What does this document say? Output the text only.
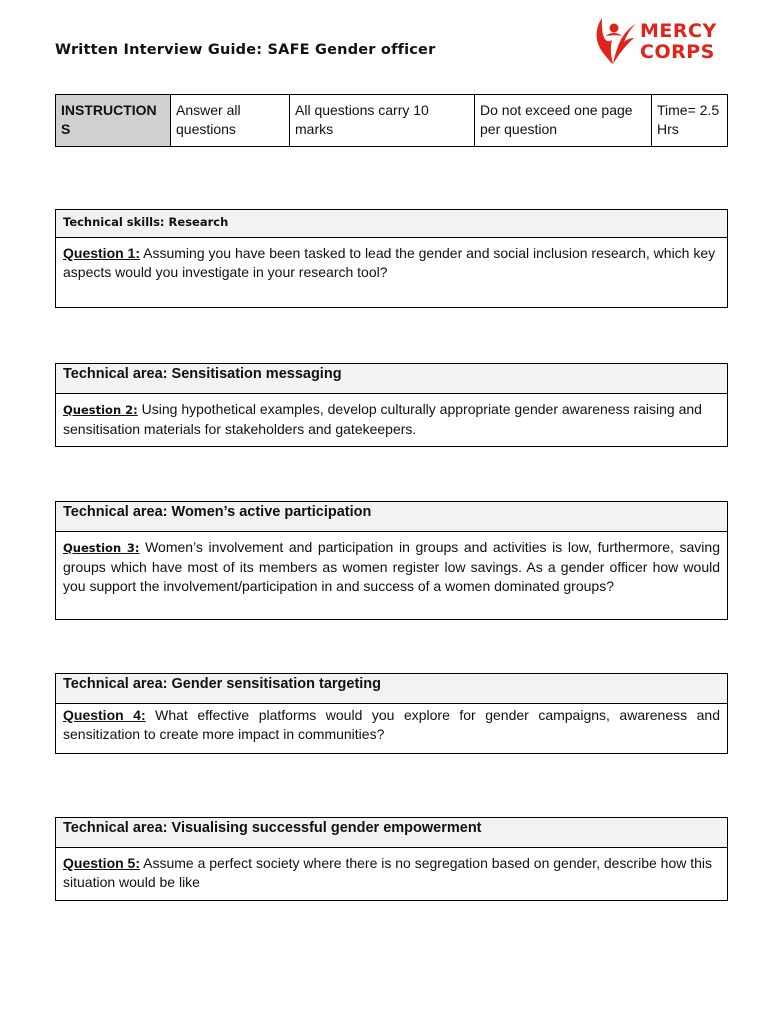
Written Interview Guide: SAFE Gender officer
MERCY
CORPS
INSTRUCTIONS	Answer all questions	All questions carry 10 marks	Do not exceed one page per question	Time= 2.5 Hrs
Technical skills: Research
Question 1: Assuming you have been tasked to lead the gender and social inclusion research, which key aspects would you investigate in your research tool?
Technical area: Sensitisation messaging
Question 2: Using hypothetical examples, develop culturally appropriate gender awareness raising and sensitisation materials for stakeholders and gatekeepers.
Technical area: Women’s active participation
Question 3: Women’s involvement and participation in groups and activities is low, furthermore, saving groups which have most of its members as women register low savings. As a gender officer how would you support the involvement/participation in and success of a women dominated groups?
Technical area: Gender sensitisation targeting
Question 4: What effective platforms would you explore for gender campaigns, awareness and sensitization to create more impact in communities?
Technical area: Visualising successful gender empowerment
Question 5: Assume a perfect society where there is no segregation based on gender, describe how this situation would be like
